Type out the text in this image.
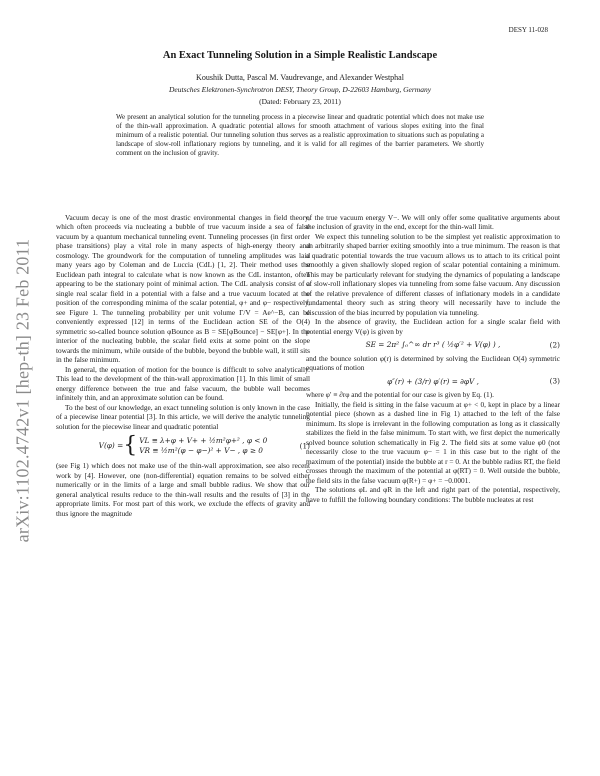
DESY 11-028
arXiv:1102.4742v1 [hep-th] 23 Feb 2011
An Exact Tunneling Solution in a Simple Realistic Landscape
Koushik Dutta, Pascal M. Vaudrevange, and Alexander Westphal
Deutsches Elektronen-Synchrotron DESY, Theory Group, D-22603 Hamburg, Germany
(Dated: February 23, 2011)
We present an analytical solution for the tunneling process in a piecewise linear and quadratic potential which does not make use of the thin-wall approximation. A quadratic potential allows for smooth attachment of various slopes exiting into the final minimum of a realistic potential. Our tunneling solution thus serves as a realistic approximation to situations such as populating a landscape of slow-roll inflationary regions by tunneling, and it is valid for all regimes of the barrier parameters. We shortly comment on the inclusion of gravity.

Vacuum decay is one of the most drastic environmental changes in field theory, which often proceeds via nucleating a bubble of true vacuum inside a sea of false vacuum by a quantum mechanical tunneling event. Tunneling processes (in first order phase transitions) play a vital role in many aspects of high-energy theory and cosmology. The groundwork for the computation of tunneling amplitudes was laid many years ago by Coleman and de Luccia (CdL) [1, 2]. Their method uses the Euclidean path integral to calculate what is now known as the CdL instanton, often appearing to be the stationary point of minimal action. The CdL analysis consist of a single real scalar field in a potential with a false and a true vacuum located at the position of the corresponding minima of the scalar potential, φ+ and φ− respectively, see Figure 1. The tunneling probability per unit volume Γ/V = Ae^−B, can be conveniently expressed [12] in terms of the Euclidean action SE of the O(4) symmetric so-called bounce solution φBounce as B = SE[φBounce] − SE[φ+]. In the interior of the nucleating bubble, the scalar field exits at some point on the slope towards the minimum, while outside of the bubble, beyond the bubble wall, it still sits in the false minimum.

In general, the equation of motion for the bounce is difficult to solve analytically. This lead to the development of the thin-wall approximation [1]. In this limit of small energy difference between the true and false vacuum, the bubble wall becomes infinitely thin, and an approximate solution can be found.

To the best of our knowledge, an exact tunneling solution is only known in the case of a piecewise linear potential [3]. In this article, we will derive the analytic tunneling solution for the piecewise linear and quadratic potential

V(φ) = { VL ≡ λ+φ + V+ + ½m²φ+² , φ < 0
VR ≡ ½m²(φ − φ−)² + V− , φ ≥ 0
(1)

(see Fig 1) which does not make use of the thin-wall approximation, see also recent work by [4]. However, one (non-differential) equation remains to be solved either numerically or in the limits of a large and small bubble radius. We show that our general analytical results reduce to the thin-wall results and the results of [3] in the appropriate limits. For most part of this work, we exclude the effects of gravity and thus ignore the magnitude

of the true vacuum energy V−. We will only offer some qualitative arguments about the inclusion of gravity in the end, except for the thin-wall limit.

We expect this tunneling solution to be the simplest yet realistic approximation to an arbitrarily shaped barrier exiting smoothly into a true minimum. The reason is that a quadratic potential towards the true vacuum allows us to attach to its critical point smoothly a given shallowly sloped region of scalar potential containing a minimum. This may be particularly relevant for studying the dynamics of populating a landscape of slow-roll inflationary slopes via tunneling from some false vacuum. Any discussion of the relative prevalence of different classes of inflationary models in a candidate fundamental theory such as string theory will necessarily have to include the discussion of the bias incurred by population via tunneling.

In the absence of gravity, the Euclidean action for a single scalar field with potential energy V(φ) is given by

SE = 2π² ∫₀^∞ dr r³ ( ½φ′² + V(φ) ) ,	(2)

and the bounce solution φ(r) is determined by solving the Euclidean O(4) symmetric equations of motion

φ″(r) + (3/r) φ′(r) = ∂φV ,	(3)

where φ′ ≡ ∂rφ and the potential for our case is given by Eq. (1).

Initially, the field is sitting in the false vacuum at φ+ < 0, kept in place by a linear potential piece (shown as a dashed line in Fig 1) attached to the left of the false minimum. Its slope is irrelevant in the following computation as long as it classically stabilizes the field in the false minimum. To start with, we first depict the numerically solved bounce solution schematically in Fig 2. The field sits at some value φ0 (not necessarily close to the true vacuum φ− = 1 in this case but to the right of the maximum of the potential) inside the bubble at r = 0. At the bubble radius RT, the field crosses through the maximum of the potential at φ(RT) = 0. Well outside the bubble, the field sits in the false vacuum φ(R+) = φ+ = −0.0001.

The solutions φL and φR in the left and right part of the potential, respectively, have to fulfill the following boundary conditions: The bubble nucleates at rest
